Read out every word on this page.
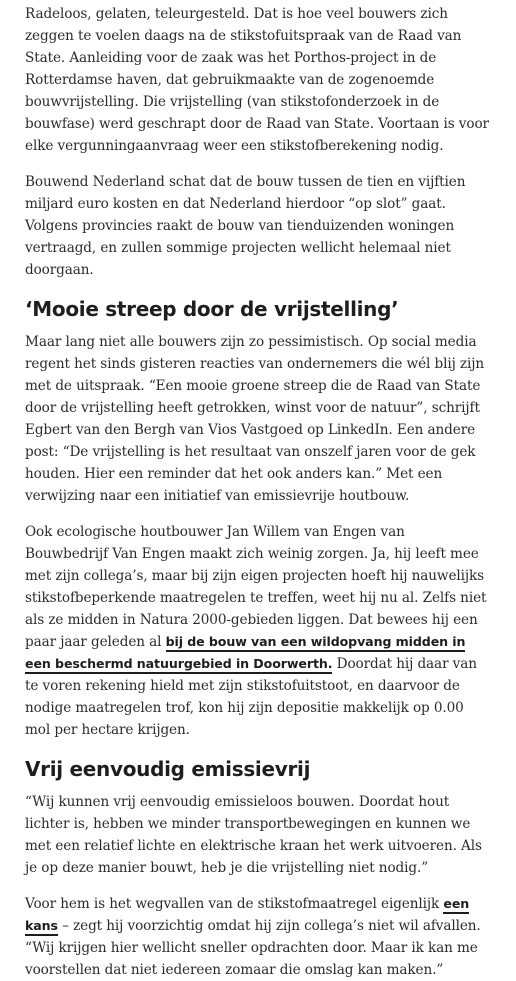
Radeloos, gelaten, teleurgesteld. Dat is hoe veel bouwers zich zeggen te voelen daags na de stikstofuitspraak van de Raad van State. Aanleiding voor de zaak was het Porthos-project in de Rotterdamse haven, dat gebruikmaakte van de zogenoemde bouwvrijstelling. Die vrijstelling (van stikstofonderzoek in de bouwfase) werd geschrapt door de Raad van State. Voortaan is voor elke vergunningaanvraag weer een stikstofberekening nodig.

Bouwend Nederland schat dat de bouw tussen de tien en vijftien miljard euro kosten en dat Nederland hierdoor “op slot” gaat. Volgens provincies raakt de bouw van tienduizenden woningen vertraagd, en zullen sommige projecten wellicht helemaal niet doorgaan.

‘Mooie streep door de vrijstelling’

Maar lang niet alle bouwers zijn zo pessimistisch. Op social media regent het sinds gisteren reacties van ondernemers die wél blij zijn met de uitspraak. “Een mooie groene streep die de Raad van State door de vrijstelling heeft getrokken, winst voor de natuur”, schrijft Egbert van den Bergh van Vios Vastgoed op LinkedIn. Een andere post: “De vrijstelling is het resultaat van onszelf jaren voor de gek houden. Hier een reminder dat het ook anders kan.” Met een verwijzing naar een initiatief van emissievrije houtbouw.

Ook ecologische houtbouwer Jan Willem van Engen van Bouwbedrijf Van Engen maakt zich weinig zorgen. Ja, hij leeft mee met zijn collega’s, maar bij zijn eigen projecten hoeft hij nauwelijks stikstofbeperkende maatregelen te treffen, weet hij nu al. Zelfs niet als ze midden in Natura 2000-gebieden liggen. Dat bewees hij een paar jaar geleden al bij de bouw van een wildopvang midden in een beschermd natuurgebied in Doorwerth. Doordat hij daar van te voren rekening hield met zijn stikstofuitstoot, en daarvoor de nodige maatregelen trof, kon hij zijn depositie makkelijk op 0.00 mol per hectare krijgen.

Vrij eenvoudig emissievrij

“Wij kunnen vrij eenvoudig emissieloos bouwen. Doordat hout lichter is, hebben we minder transportbewegingen en kunnen we met een relatief lichte en elektrische kraan het werk uitvoeren. Als je op deze manier bouwt, heb je die vrijstelling niet nodig.”

Voor hem is het wegvallen van de stikstofmaatregel eigenlijk een kans – zegt hij voorzichtig omdat hij zijn collega’s niet wil afvallen. “Wij krijgen hier wellicht sneller opdrachten door. Maar ik kan me voorstellen dat niet iedereen zomaar die omslag kan maken.”
